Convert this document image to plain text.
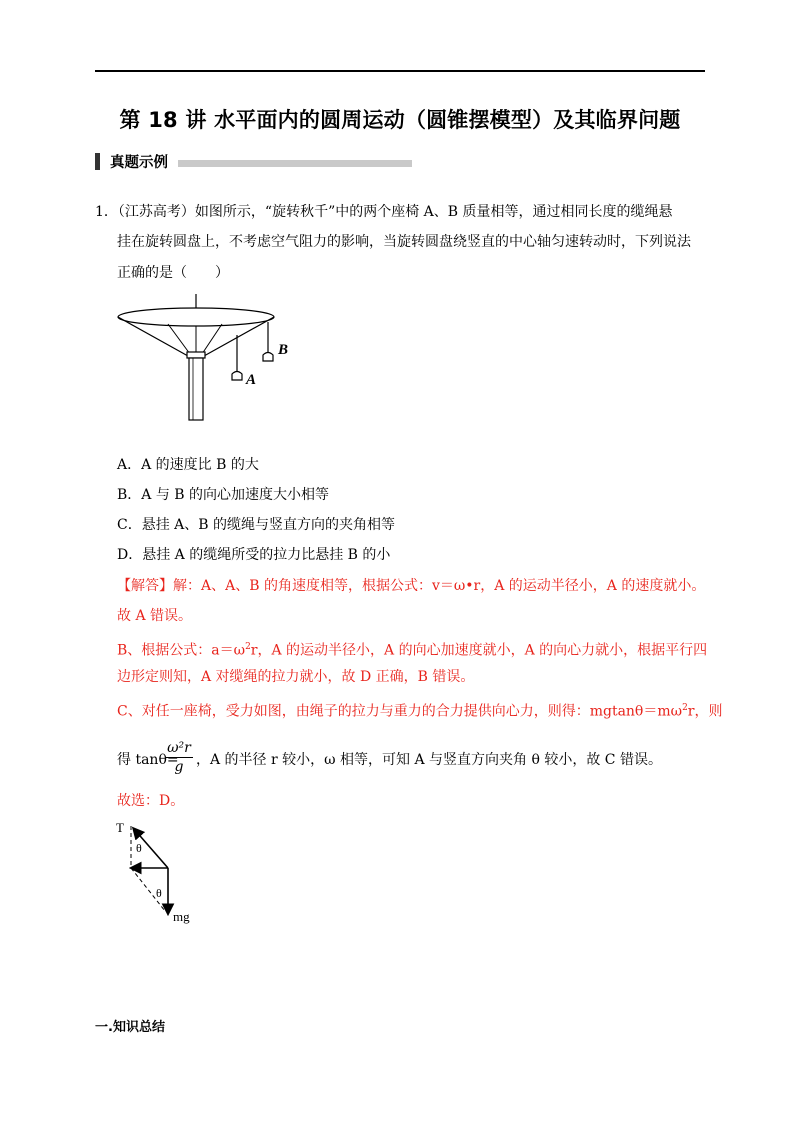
第 18 讲 水平面内的圆周运动（圆锥摆模型）及其临界问题
真题示例
1．（江苏高考）如图所示，“旋转秋千”中的两个座椅 A、B 质量相等，通过相同长度的缆绳悬
挂在旋转圆盘上，不考虑空气阻力的影响，当旋转圆盘绕竖直的中心轴匀速转动时，下列说法
正确的是（　　）
A
B
A．A 的速度比 B 的大
B．A 与 B 的向心加速度大小相等
C．悬挂 A、B 的缆绳与竖直方向的夹角相等
D．悬挂 A 的缆绳所受的拉力比悬挂 B 的小
【解答】解：A、A、B 的角速度相等，根据公式：v＝ω•r，A 的运动半径小，A 的速度就小。
故 A 错误。
B、根据公式：$a=\omega^2r$，A 的运动半径小，A 的向心加速度就小，A 的向心力就小，根据平行四
边形定则知，A 对缆绳的拉力就小，故 D 正确，B 错误。
C、对任一座椅，受力如图，由绳子的拉力与重力的合力提供向心力，则得：$mgtan\theta=m\omega^2r$，则
得 tanθ=
$\frac{\text{ω²r}}{g}$ ，A 的半径 r 较小，ω 相等，可知 A 与竖直方向夹角 θ 较小，故 C 错误。
故选：D。
T
θ
θ
mg
一.知识总结
